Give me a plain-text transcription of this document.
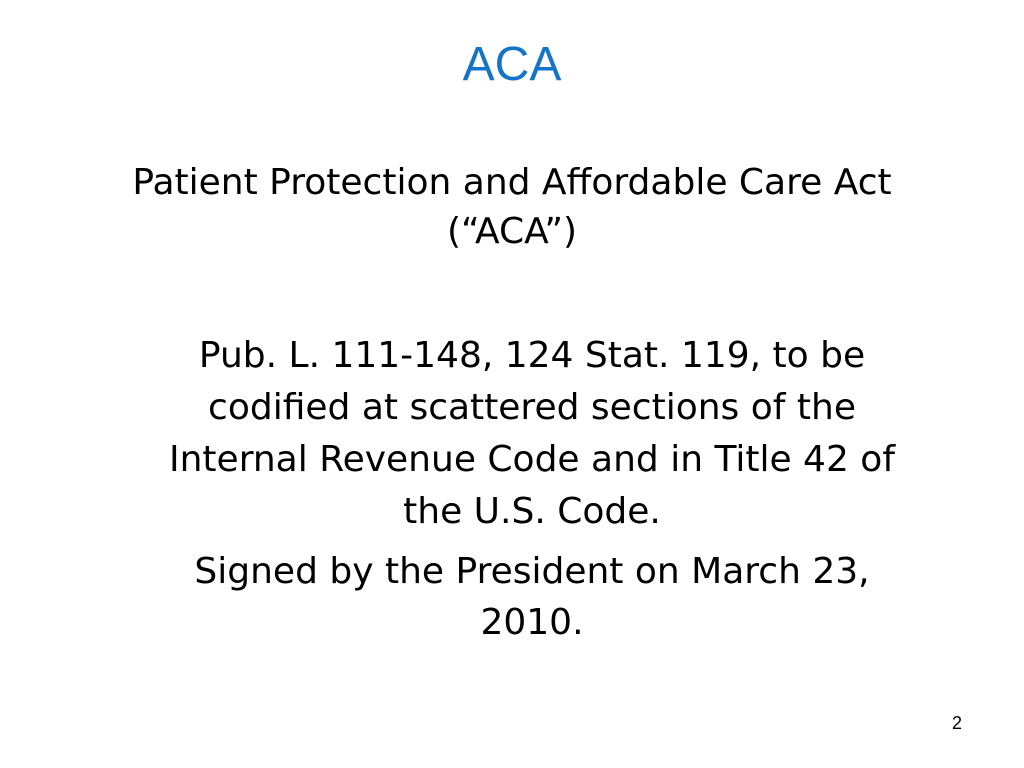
ACA
Patient Protection and Affordable Care Act
(“ACA”)
Pub. L. 111-148, 124 Stat. 119, to be
codified at scattered sections of the
Internal Revenue Code and in Title 42 of
the U.S. Code.
Signed by the President on March 23,
2010.
2
